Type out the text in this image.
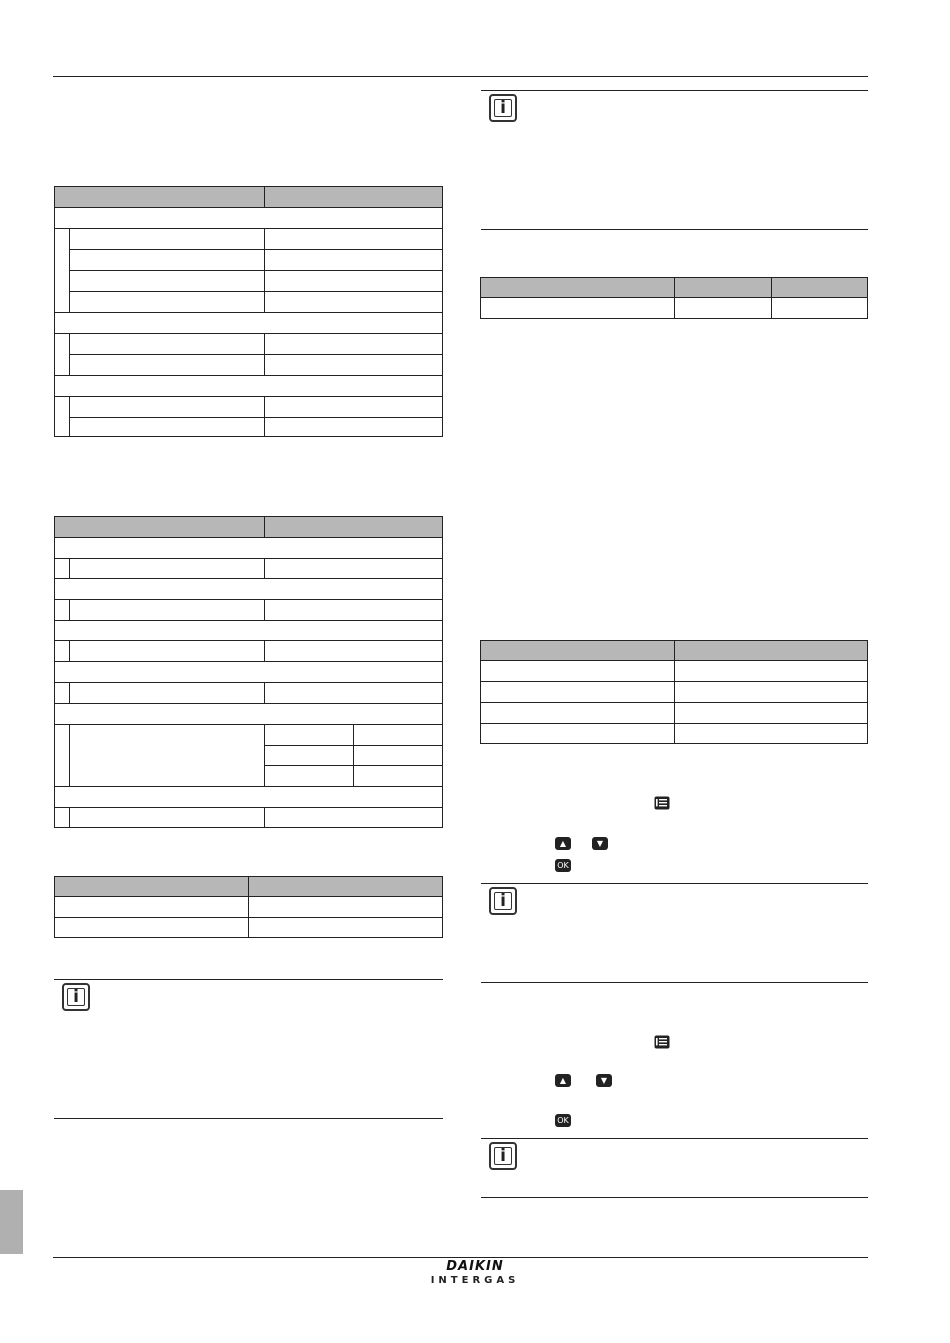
i
i
▲	▼
OK
i
▲	▼
OK
i
DAIKIN
INTERGAS
